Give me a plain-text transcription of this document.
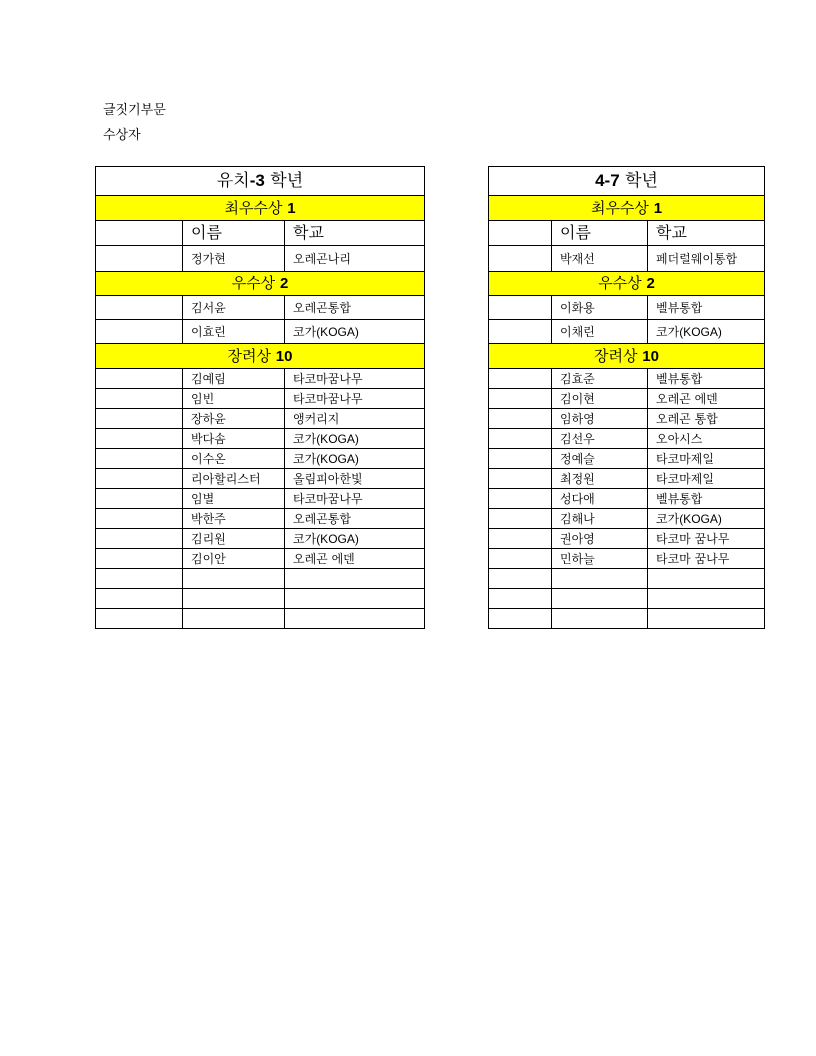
글짓기부문
수상자
유치-3 학년		
최우수상 1		
	이름	학교
	정가현	오레곤나리
우수상 2		
	김서윤	오레곤통합
	이효린	코가(KOGA)
장려상 10		
	김예림	타코마꿈나무
	임빈	타코마꿈나무
	장하윤	앵커리지
	박다솜	코가(KOGA)
	이수온	코가(KOGA)
	리아할리스터	올림피아한빛
	임별	타코마꿈나무
	박한주	오레곤통합
	김리원	코가(KOGA)
	김이안	오레곤 에덴

4-7 학년		
최우수상 1		
	이름	학교
	박재선	페더럴웨이통합
우수상 2		
	이화용	벨뷰통합
	이채린	코가(KOGA)
장려상 10		
	김효준	벨뷰통합
	김이현	오레곤 에덴
	임하영	오레곤 통합
	김선우	오아시스
	정예슬	타코마제일
	최정원	타코마제일
	성다애	벨뷰통합
	김해나	코가(KOGA)
	권아영	타코마 꿈나무
	민하늘	타코마 꿈나무
